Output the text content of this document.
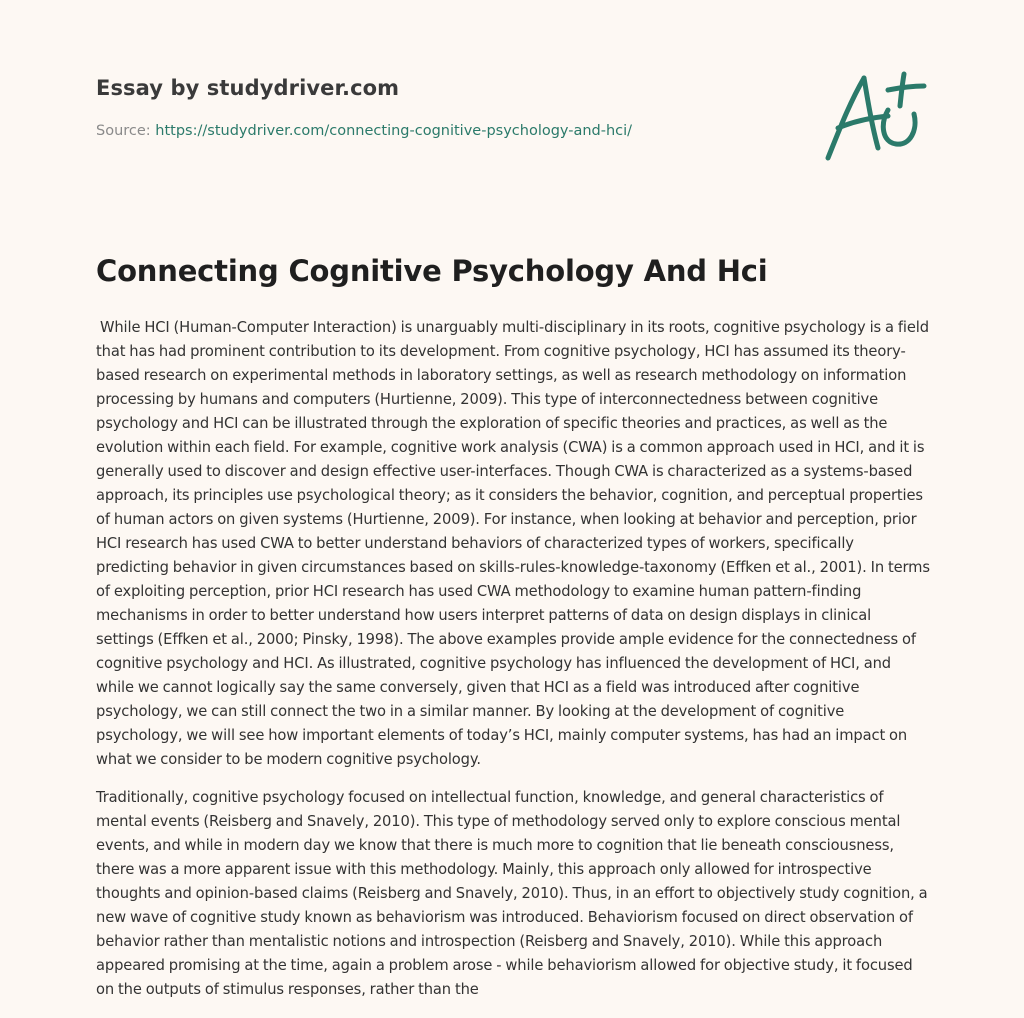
Essay by studydriver.com
Source: https://studydriver.com/connecting-cognitive-psychology-and-hci/
Connecting Cognitive Psychology And Hci

While HCI (Human-Computer Interaction) is unarguably multi-disciplinary in its roots, cognitive psychology is a field that has had prominent contribution to its development. From cognitive psychology, HCI has assumed its theory-based research on experimental methods in laboratory settings, as well as research methodology on information processing by humans and computers (Hurtienne, 2009). This type of interconnectedness between cognitive psychology and HCI can be illustrated through the exploration of specific theories and practices, as well as the evolution within each field. For example, cognitive work analysis (CWA) is a common approach used in HCI, and it is generally used to discover and design effective user-interfaces. Though CWA is characterized as a systems-based approach, its principles use psychological theory; as it considers the behavior, cognition, and perceptual properties of human actors on given systems (Hurtienne, 2009). For instance, when looking at behavior and perception, prior HCI research has used CWA to better understand behaviors of characterized types of workers, specifically predicting behavior in given circumstances based on skills-rules-knowledge-taxonomy (Effken et al., 2001). In terms of exploiting perception, prior HCI research has used CWA methodology to examine human pattern-finding mechanisms in order to better understand how users interpret patterns of data on design displays in clinical settings (Effken et al., 2000; Pinsky, 1998). The above examples provide ample evidence for the connectedness of cognitive psychology and HCI. As illustrated, cognitive psychology has influenced the development of HCI, and while we cannot logically say the same conversely, given that HCI as a field was introduced after cognitive psychology, we can still connect the two in a similar manner. By looking at the development of cognitive psychology, we will see how important elements of today’s HCI, mainly computer systems, has had an impact on what we consider to be modern cognitive psychology.

Traditionally, cognitive psychology focused on intellectual function, knowledge, and general characteristics of mental events (Reisberg and Snavely, 2010). This type of methodology served only to explore conscious mental events, and while in modern day we know that there is much more to cognition that lie beneath consciousness, there was a more apparent issue with this methodology. Mainly, this approach only allowed for introspective thoughts and opinion-based claims (Reisberg and Snavely, 2010). Thus, in an effort to objectively study cognition, a new wave of cognitive study known as behaviorism was introduced. Behaviorism focused on direct observation of behavior rather than mentalistic notions and introspection (Reisberg and Snavely, 2010). While this approach appeared promising at the time, again a problem arose - while behaviorism allowed for objective study, it focused on the outputs of stimulus responses, rather than the
